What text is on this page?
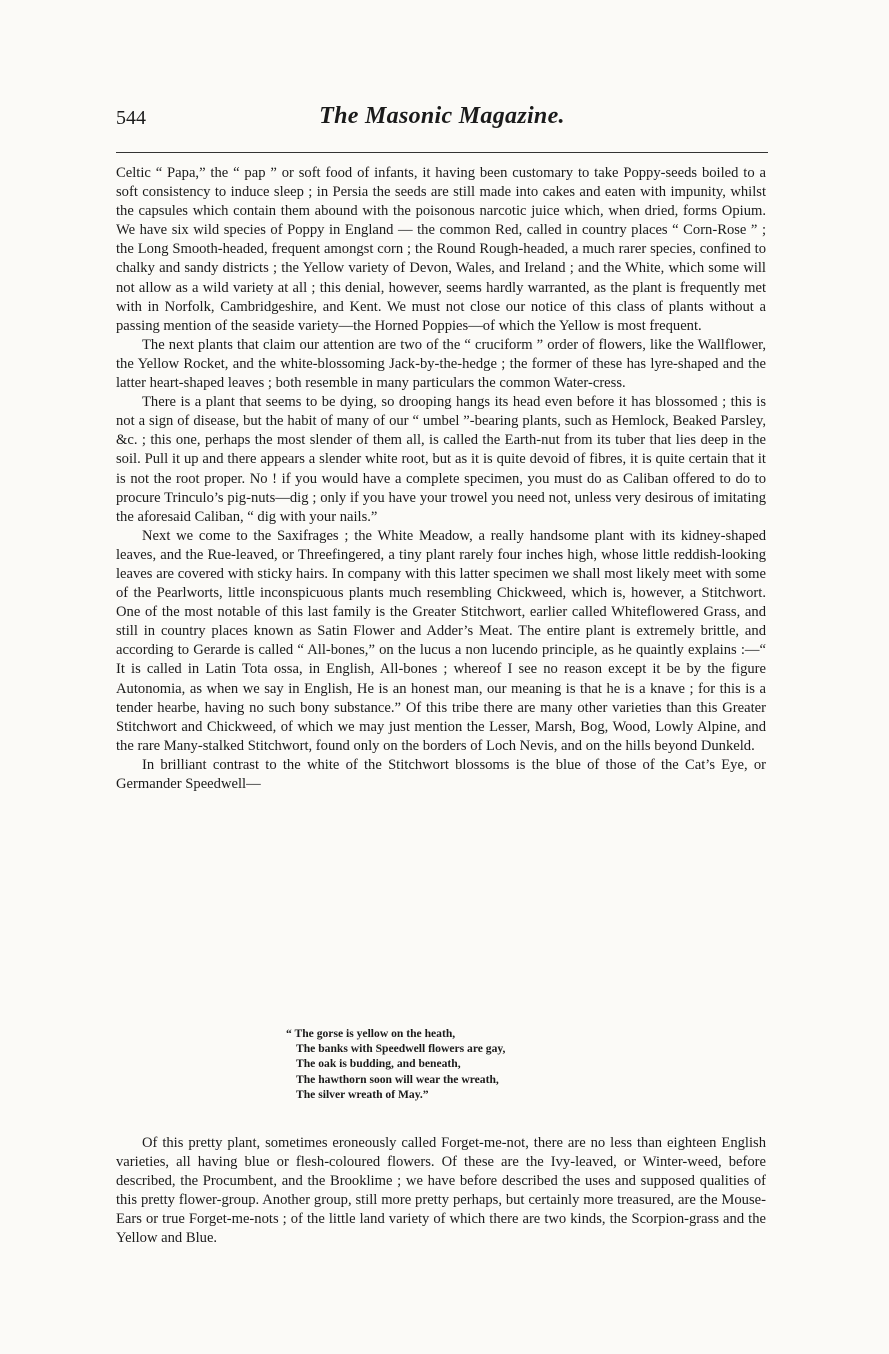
544	The Masonic Magazine.

Celtic “ Papa,” the “ pap ” or soft food of infants, it having been customary to take Poppy-seeds boiled to a soft consistency to induce sleep ; in Persia the seeds are still made into cakes and eaten with impunity, whilst the capsules which contain them abound with the poisonous narcotic juice which, when dried, forms Opium. We have six wild species of Poppy in England — the common Red, called in country places “ Corn-Rose ” ; the Long Smooth-headed, frequent amongst corn ; the Round Rough-headed, a much rarer species, confined to chalky and sandy districts ; the Yellow variety of Devon, Wales, and Ireland ; and the White, which some will not allow as a wild variety at all ; this denial, however, seems hardly warranted, as the plant is frequently met with in Norfolk, Cambridgeshire, and Kent. We must not close our notice of this class of plants without a passing mention of the seaside variety—the Horned Poppies—of which the Yellow is most frequent.

The next plants that claim our attention are two of the “ cruciform ” order of flowers, like the Wallflower, the Yellow Rocket, and the white-blossoming Jack-by-the-hedge ; the former of these has lyre-shaped and the latter heart-shaped leaves ; both resemble in many particulars the common Water-cress.

There is a plant that seems to be dying, so drooping hangs its head even before it has blossomed ; this is not a sign of disease, but the habit of many of our “ umbel ”-bearing plants, such as Hemlock, Beaked Parsley, &c. ; this one, perhaps the most slender of them all, is called the Earth-nut from its tuber that lies deep in the soil. Pull it up and there appears a slender white root, but as it is quite devoid of fibres, it is quite certain that it is not the root proper. No ! if you would have a complete specimen, you must do as Caliban offered to do to procure Trinculo’s pig-nuts—dig ; only if you have your trowel you need not, unless very desirous of imitating the aforesaid Caliban, “ dig with your nails.”

Next we come to the Saxifrages ; the White Meadow, a really handsome plant with its kidney-shaped leaves, and the Rue-leaved, or Threefingered, a tiny plant rarely four inches high, whose little reddish-looking leaves are covered with sticky hairs. In company with this latter specimen we shall most likely meet with some of the Pearlworts, little inconspicuous plants much resembling Chickweed, which is, however, a Stitchwort. One of the most notable of this last family is the Greater Stitchwort, earlier called Whiteflowered Grass, and still in country places known as Satin Flower and Adder’s Meat. The entire plant is extremely brittle, and according to Gerarde is called “ All-bones,” on the lucus a non lucendo principle, as he quaintly explains :—“ It is called in Latin Tota ossa, in English, All-bones ; whereof I see no reason except it be by the figure Autonomia, as when we say in English, He is an honest man, our meaning is that he is a knave ; for this is a tender hearbe, having no such bony substance.” Of this tribe there are many other varieties than this Greater Stitchwort and Chickweed, of which we may just mention the Lesser, Marsh, Bog, Wood, Lowly Alpine, and the rare Many-stalked Stitchwort, found only on the borders of Loch Nevis, and on the hills beyond Dunkeld.

In brilliant contrast to the white of the Stitchwort blossoms is the blue of those of the Cat’s Eye, or Germander Speedwell—

“ The gorse is yellow on the heath,
The banks with Speedwell flowers are gay,
The oak is budding, and beneath,
The hawthorn soon will wear the wreath,
The silver wreath of May.”

Of this pretty plant, sometimes eroneously called Forget-me-not, there are no less than eighteen English varieties, all having blue or flesh-coloured flowers. Of these are the Ivy-leaved, or Winter-weed, before described, the Procumbent, and the Brooklime ; we have before described the uses and supposed qualities of this pretty flower-group. Another group, still more pretty perhaps, but certainly more treasured, are the Mouse-Ears or true Forget-me-nots ; of the little land variety of which there are two kinds, the Scorpion-grass and the Yellow and Blue.
